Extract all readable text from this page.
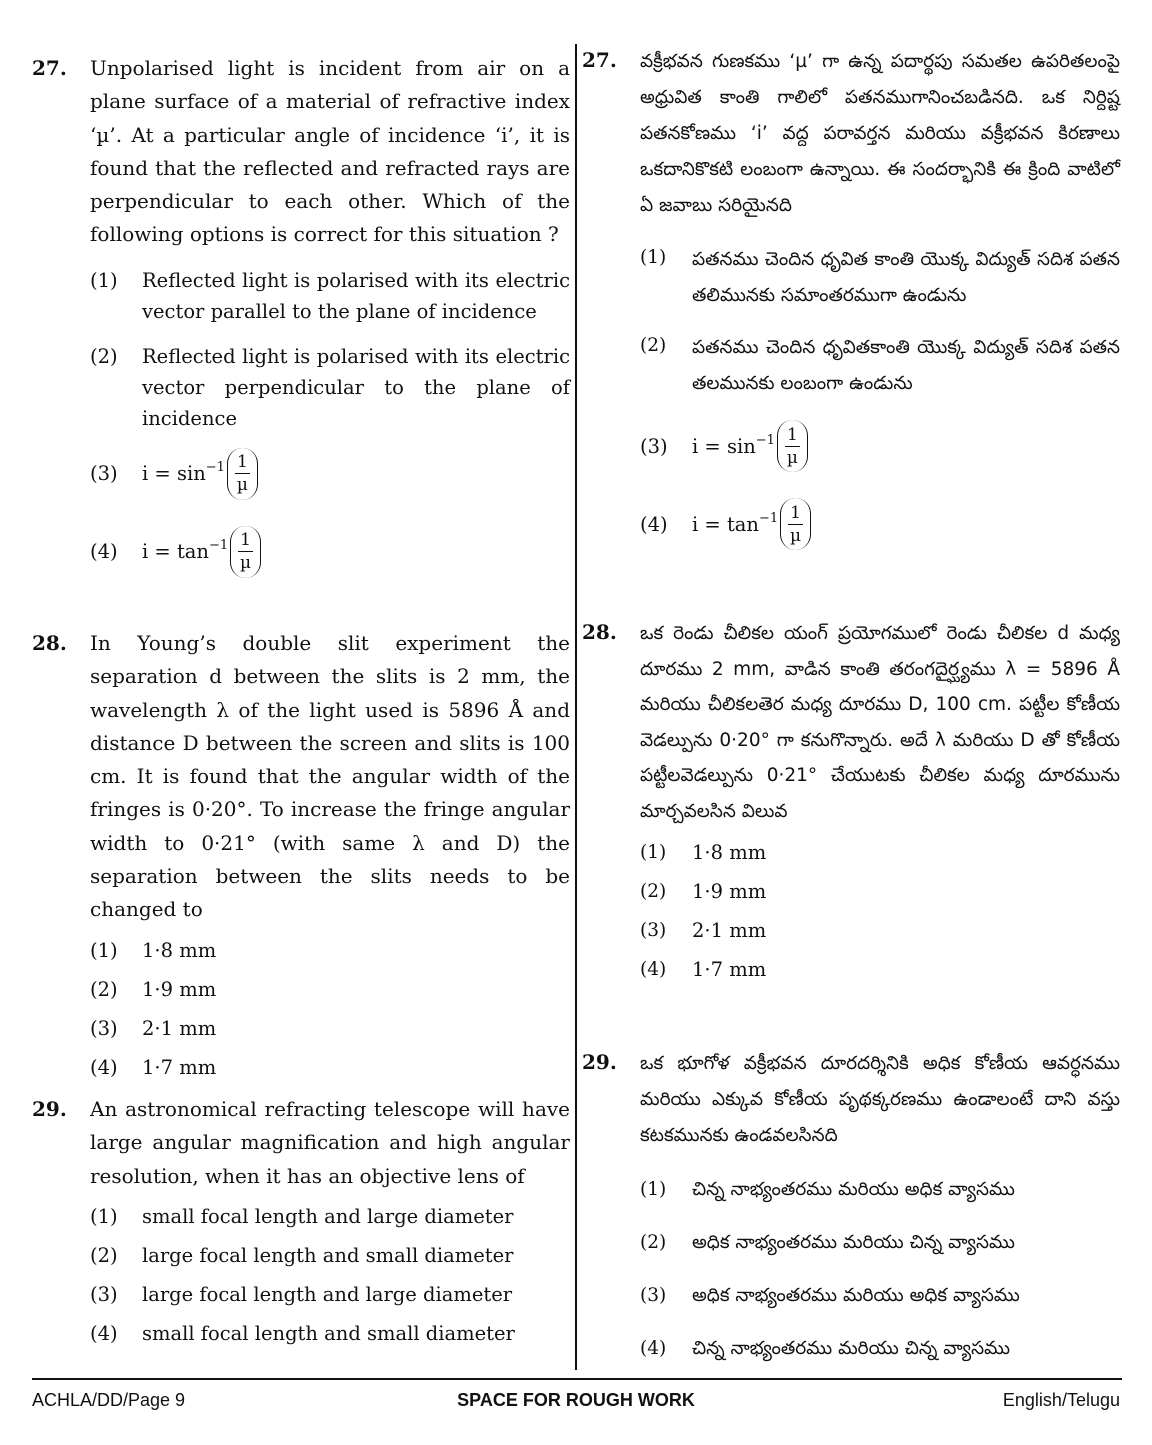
27. Unpolarised light is incident from air on a plane surface of a material of refractive index ‘µ’. At a particular angle of incidence ‘i’, it is found that the reflected and refracted rays are perpendicular to each other. Which of the following options is correct for this situation ?
(1)	Reflected light is polarised with its electric vector parallel to the plane of incidence
(2)	Reflected light is polarised with its electric vector perpendicular to the plane of incidence
(3)	$i = \sin^{-1} \frac{1}{\text{µ}}$
(4)	$i = \tan^{-1} \frac{1}{\text{µ}}$
28. In Young’s double slit experiment the separation d between the slits is 2 mm, the wavelength λ of the light used is 5896 Å and distance D between the screen and slits is 100 cm. It is found that the angular width of the fringes is 0·20°. To increase the fringe angular width to 0·21° (with same λ and D) the separation between the slits needs to be changed to
(1)	1·8 mm
(2)	1·9 mm
(3)	2·1 mm
(4)	1·7 mm
29. An astronomical refracting telescope will have large angular magnification and high angular resolution, when it has an objective lens of
(1)	small focal length and large diameter
(2)	large focal length and small diameter
(3)	large focal length and large diameter
(4)	small focal length and small diameter
27. వక్రీభవన గుణకము ‘µ’ గా ఉన్న పదార్థపు సమతల ఉపరితలంపై అధ్రువిత కాంతి గాలిలో పతనముగానించబడినది. ఒక నిర్దిష్ట పతనకోణము ‘i’ వద్ద పరావర్తన మరియు వక్రీభవన కిరణాలు ఒకదానికొకటి లంబంగా ఉన్నాయి. ఈ సందర్భానికి ఈ క్రింది వాటిలో ఏ జవాబు సరియైనది
(1)	పతనము చెందిన ధృవిత కాంతి యొక్క విద్యుత్ సదిశ పతన తలిమునకు సమాంతరముగా ఉండును
(2)	పతనము చెందిన ధృవితకాంతి యొక్క విద్యుత్ సదిశ పతన తలమునకు లంబంగా ఉండును
(3)	$i = \sin^{-1} \frac{1}{\text{µ}}$
(4)	$i = \tan^{-1} \frac{1}{\text{µ}}$
28. ఒక రెండు చీలికల యంగ్ ప్రయోగములో రెండు చీలికల d మధ్య దూరము 2 mm, వాడిన కాంతి తరంగదైర్ఘ్యము λ = 5896 Å మరియు చీలికలతెర మధ్య దూరము D, 100 cm. పట్టీల కోణీయ వెడల్పును 0·20° గా కనుగొన్నారు. అదే λ మరియు D తో కోణీయ పట్టీలవెడల్పును 0·21° చేయుటకు చీలికల మధ్య దూరమును మార్చవలసిన విలువ
(1)	1·8 mm
(2)	1·9 mm
(3)	2·1 mm
(4)	1·7 mm
29. ఒక భూగోళ వక్రీభవన దూరదర్శినికి అధిక కోణీయ ఆవర్ధనము మరియు ఎక్కువ కోణీయ పృథక్కరణము ఉండాలంటే దాని వస్తు కటకమునకు ఉండవలసినది
(1)	చిన్న నాభ్యంతరము మరియు అధిక వ్యాసము
(2)	అధిక నాభ్యంతరము మరియు చిన్న వ్యాసము
(3)	అధిక నాభ్యంతరము మరియు అధిక వ్యాసము
(4)	చిన్న నాభ్యంతరము మరియు చిన్న వ్యాసము
ACHLA/DD/Page 9	SPACE FOR ROUGH WORK	English/Telugu
